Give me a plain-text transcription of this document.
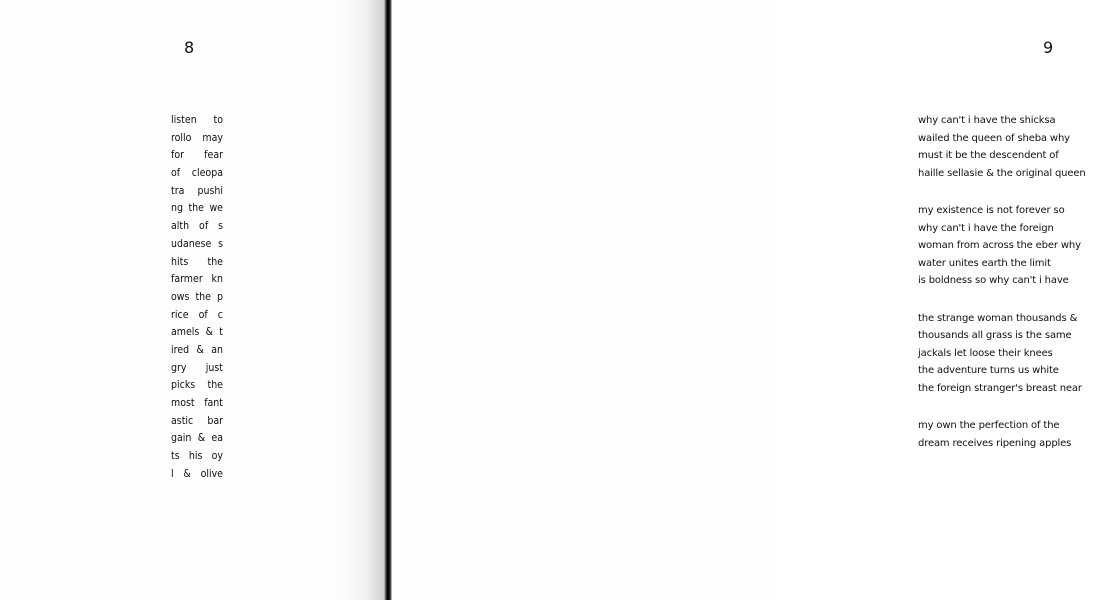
8
listen to
rollo may
for fear
of cleopa
tra pushi
ng the we
alth of s
udanese s
hits the
farmer kn
ows the p
rice of c
amels & t
ired & an
gry just
picks the
most fant
astic bar
gain & ea
ts his oy
l & olive
9
why can't i have the shicksa
wailed the queen of sheba why
must it be the descendent of
haille sellasie & the original queen
my existence is not forever so
why can't i have the foreign
woman from across the eber why
water unites earth the limit
is boldness so why can't i have
the strange woman thousands &
thousands all grass is the same
jackals let loose their knees
the adventure turns us white
the foreign stranger's breast near
my own the perfection of the
dream receives ripening apples
